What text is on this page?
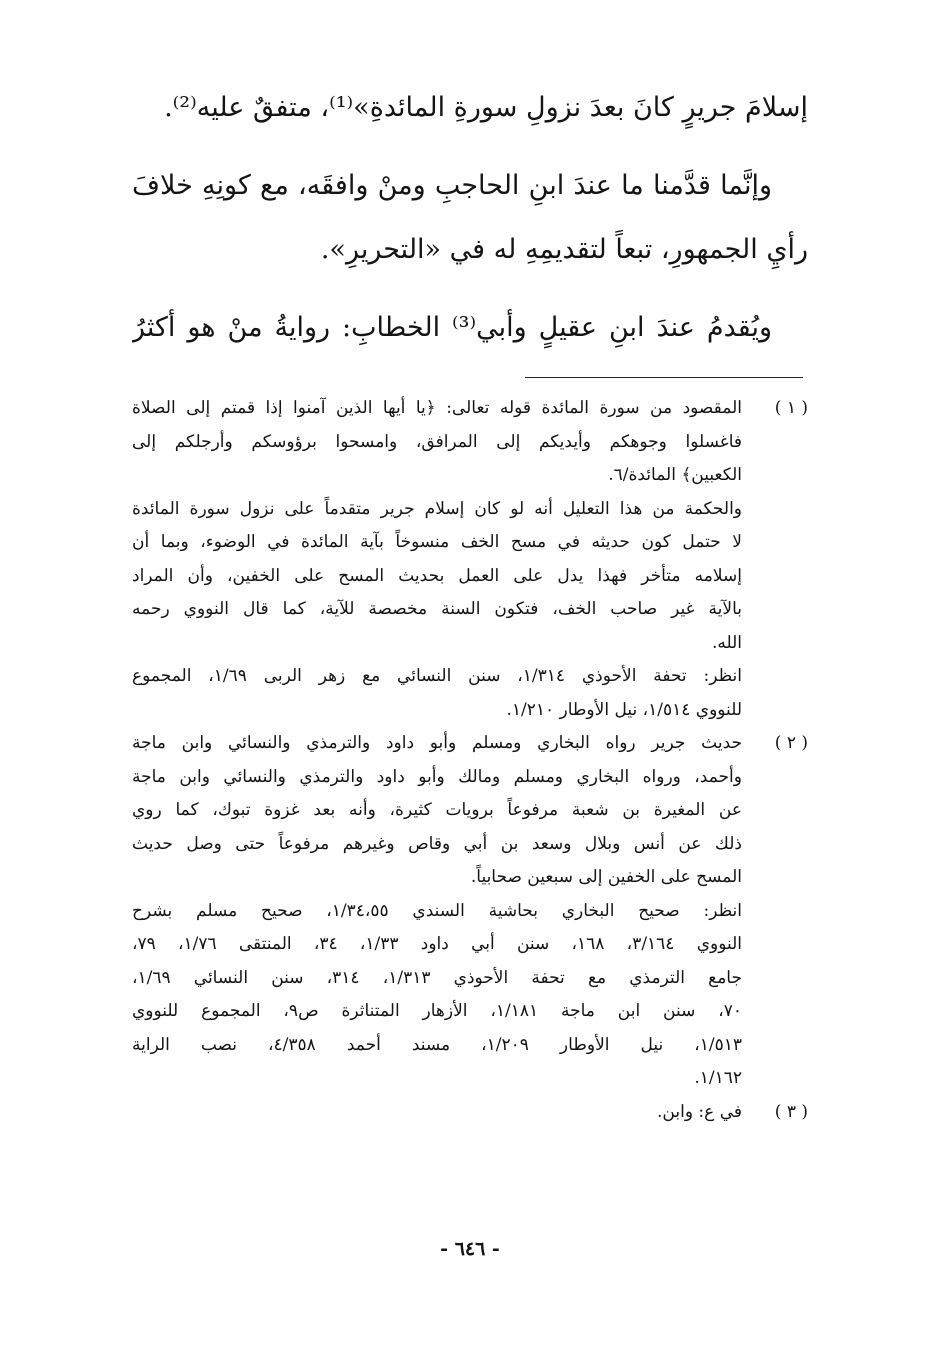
إسلامَ جريرٍ كانَ بعدَ نزولِ سورةِ المائدةِ»⁽¹⁾، متفقٌ عليه⁽²⁾.
وإنَّما قدَّمنا ما عندَ ابنِ الحاجبِ ومنْ وافقَه، مع كونِهِ خلافَ
رأيِ الجمهورِ، تبعاً لتقديمِهِ له في «التحريرِ».
ويُقدمُ عندَ ابنِ عقيلٍ وأبي⁽³⁾ الخطابِ: روايةُ منْ هو أكثرُ
( ١ )
المقصود من سورة المائدة قوله تعالى: ﴿يا أيها الذين آمنوا إذا قمتم إلى الصلاة
فاغسلوا وجوهكم وأيديكم إلى المرافق، وامسحوا برؤوسكم وأرجلكم إلى
الكعبين﴾ المائدة/٦.
والحكمة من هذا التعليل أنه لو كان إسلام جرير متقدماً على نزول سورة المائدة
لا حتمل كون حديثه في مسح الخف منسوخاً بآية المائدة في الوضوء، وبما أن
إسلامه متأخر فهذا يدل على العمل بحديث المسح على الخفين، وأن المراد
بالآية غير صاحب الخف، فتكون السنة مخصصة للآية، كما قال النووي رحمه
الله.
انظر: تحفة الأحوذي ١/٣١٤، سنن النسائي مع زهر الربى ١/٦٩، المجموع
للنووي ١/٥١٤، نيل الأوطار ١/٢١٠.
( ٢ )
حديث جرير رواه البخاري ومسلم وأبو داود والترمذي والنسائي وابن ماجة
وأحمد، ورواه البخاري ومسلم ومالك وأبو داود والترمذي والنسائي وابن ماجة
عن المغيرة بن شعبة مرفوعاً برويات كثيرة، وأنه بعد غزوة تبوك، كما روي
ذلك عن أنس وبلال وسعد بن أبي وقاص وغيرهم مرفوعاً حتى وصل حديث
المسح على الخفين إلى سبعين صحابياً.
انظر: صحيح البخاري بحاشية السندي ١/٣٤،٥٥، صحيح مسلم بشرح
النووي ٣/١٦٤، ١٦٨، سنن أبي داود ١/٣٣، ٣٤، المنتقى ١/٧٦، ٧٩،
جامع الترمذي مع تحفة الأحوذي ١/٣١٣، ٣١٤، سنن النسائي ١/٦٩،
٧٠، سنن ابن ماجة ١/١٨١، الأزهار المتناثرة ص٩، المجموع للنووي
١/٥١٣، نيل الأوطار ١/٢٠٩، مسند أحمد ٤/٣٥٨، نصب الراية
١/١٦٢.
( ٣ )
في ع: وابن.
- ٦٤٦ -
